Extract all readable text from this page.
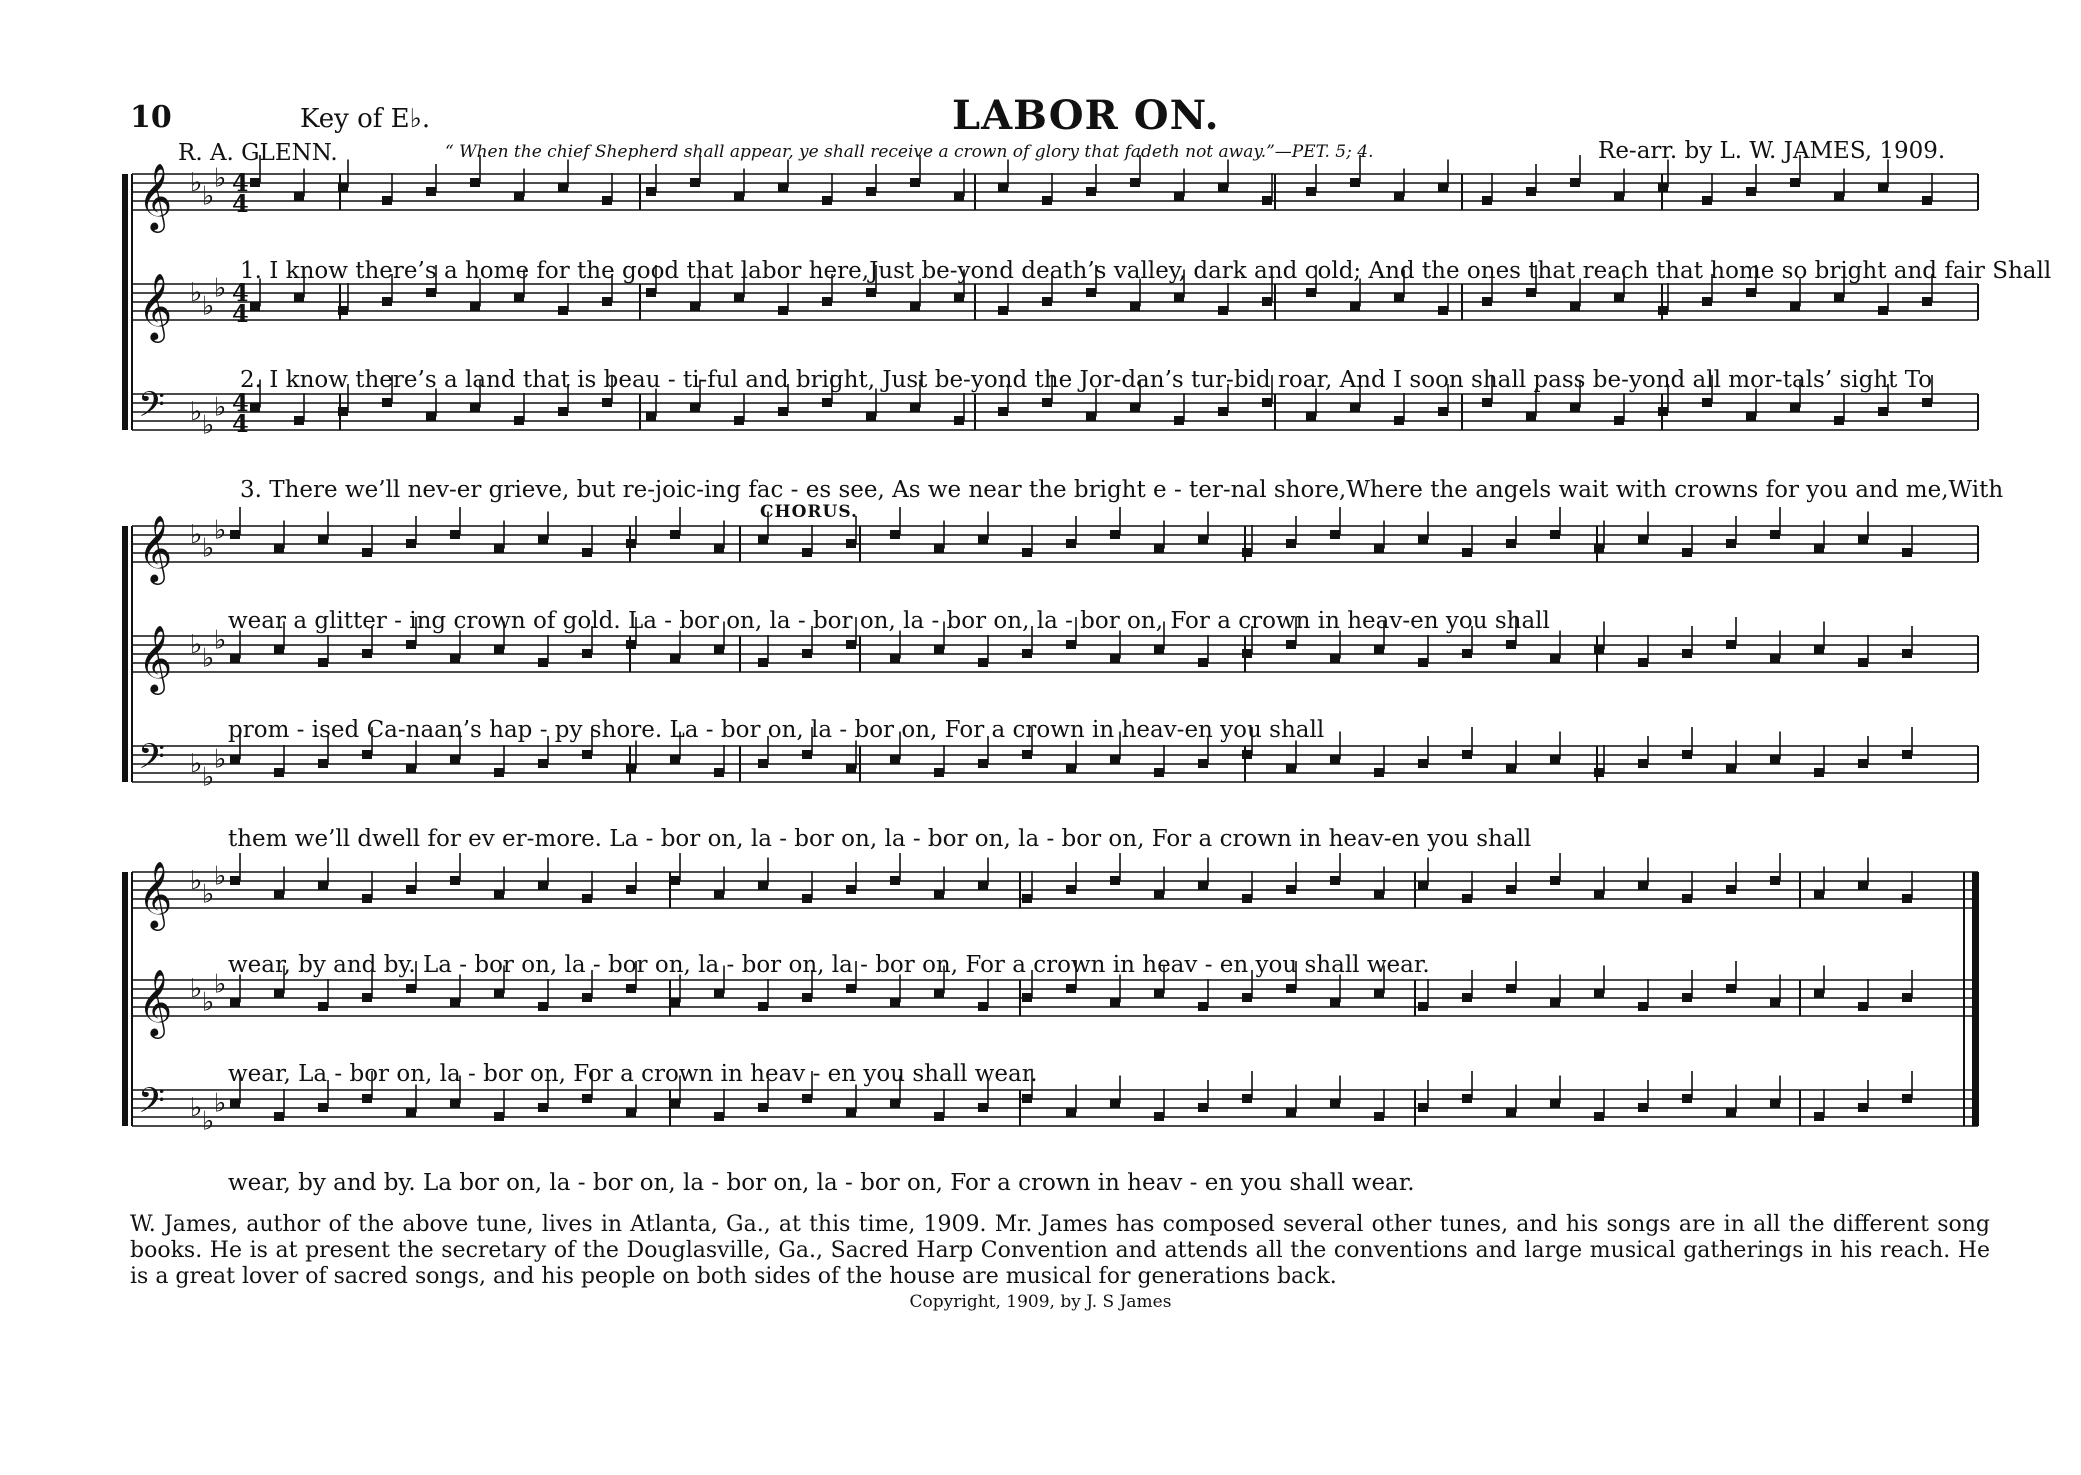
𝄞 ♭ ♭
♭ 4
4
𝄞 ♭ ♭
♭ 4
4
𝄢 ♭ ♭
♭ 4
4
𝄞 ♭ ♭
♭
𝄞 ♭ ♭
♭
𝄢 ♭ ♭
♭
𝄞 ♭ ♭
♭
𝄞 ♭ ♭
♭
𝄢 ♭ ♭
♭
10	Key of E♭.	LABOR ON.
R. A. GLENN.	“ When the chief Shepherd shall appear, ye shall receive a crown of glory that fadeth not away.”—PET. 5; 4.	Re-arr. by L. W. JAMES, 1909.
1. I know there’s a home for the good that labor here,Just be-yond death’s valley, dark and cold; And the ones that reach that home so bright and fair Shall
2. I know there’s a land that is beau - ti-ful and bright, Just be-yond the Jor-dan’s tur-bid roar, And I soon shall pass be-yond all mor-tals’ sight To
3. There we’ll nev-er grieve, but re-joic-ing fac - es see, As we near the bright e - ter-nal shore,Where the angels wait with crowns for you and me,With
CHORUS.
wear a glitter - ing crown of gold. La - bor on, la - bor on, la - bor on, la - bor on, For a crown in heav-en you shall
prom - ised Ca-naan’s hap - py shore. La - bor on, la - bor on, For a crown in heav-en you shall
them we’ll dwell for ev er-more. La - bor on, la - bor on, la - bor on, la - bor on, For a crown in heav-en you shall
wear, by and by. La - bor on, la - bor on, la - bor on, la - bor on, For a crown in heav - en you shall wear.
wear, La - bor on, la - bor on, For a crown in heav - en you shall wear.
wear, by and by. La bor on, la - bor on, la - bor on, la - bor on, For a crown in heav - en you shall wear.
W. James, author of the above tune, lives in Atlanta, Ga., at this time, 1909. Mr. James has composed several other tunes, and his songs are in all the different song books. He is at present the secretary of the Douglasville, Ga., Sacred Harp Convention and attends all the conventions and large musical gatherings in his reach. He is a great lover of sacred songs, and his people on both sides of the house are musical for generations back.
Copyright, 1909, by J. S James
